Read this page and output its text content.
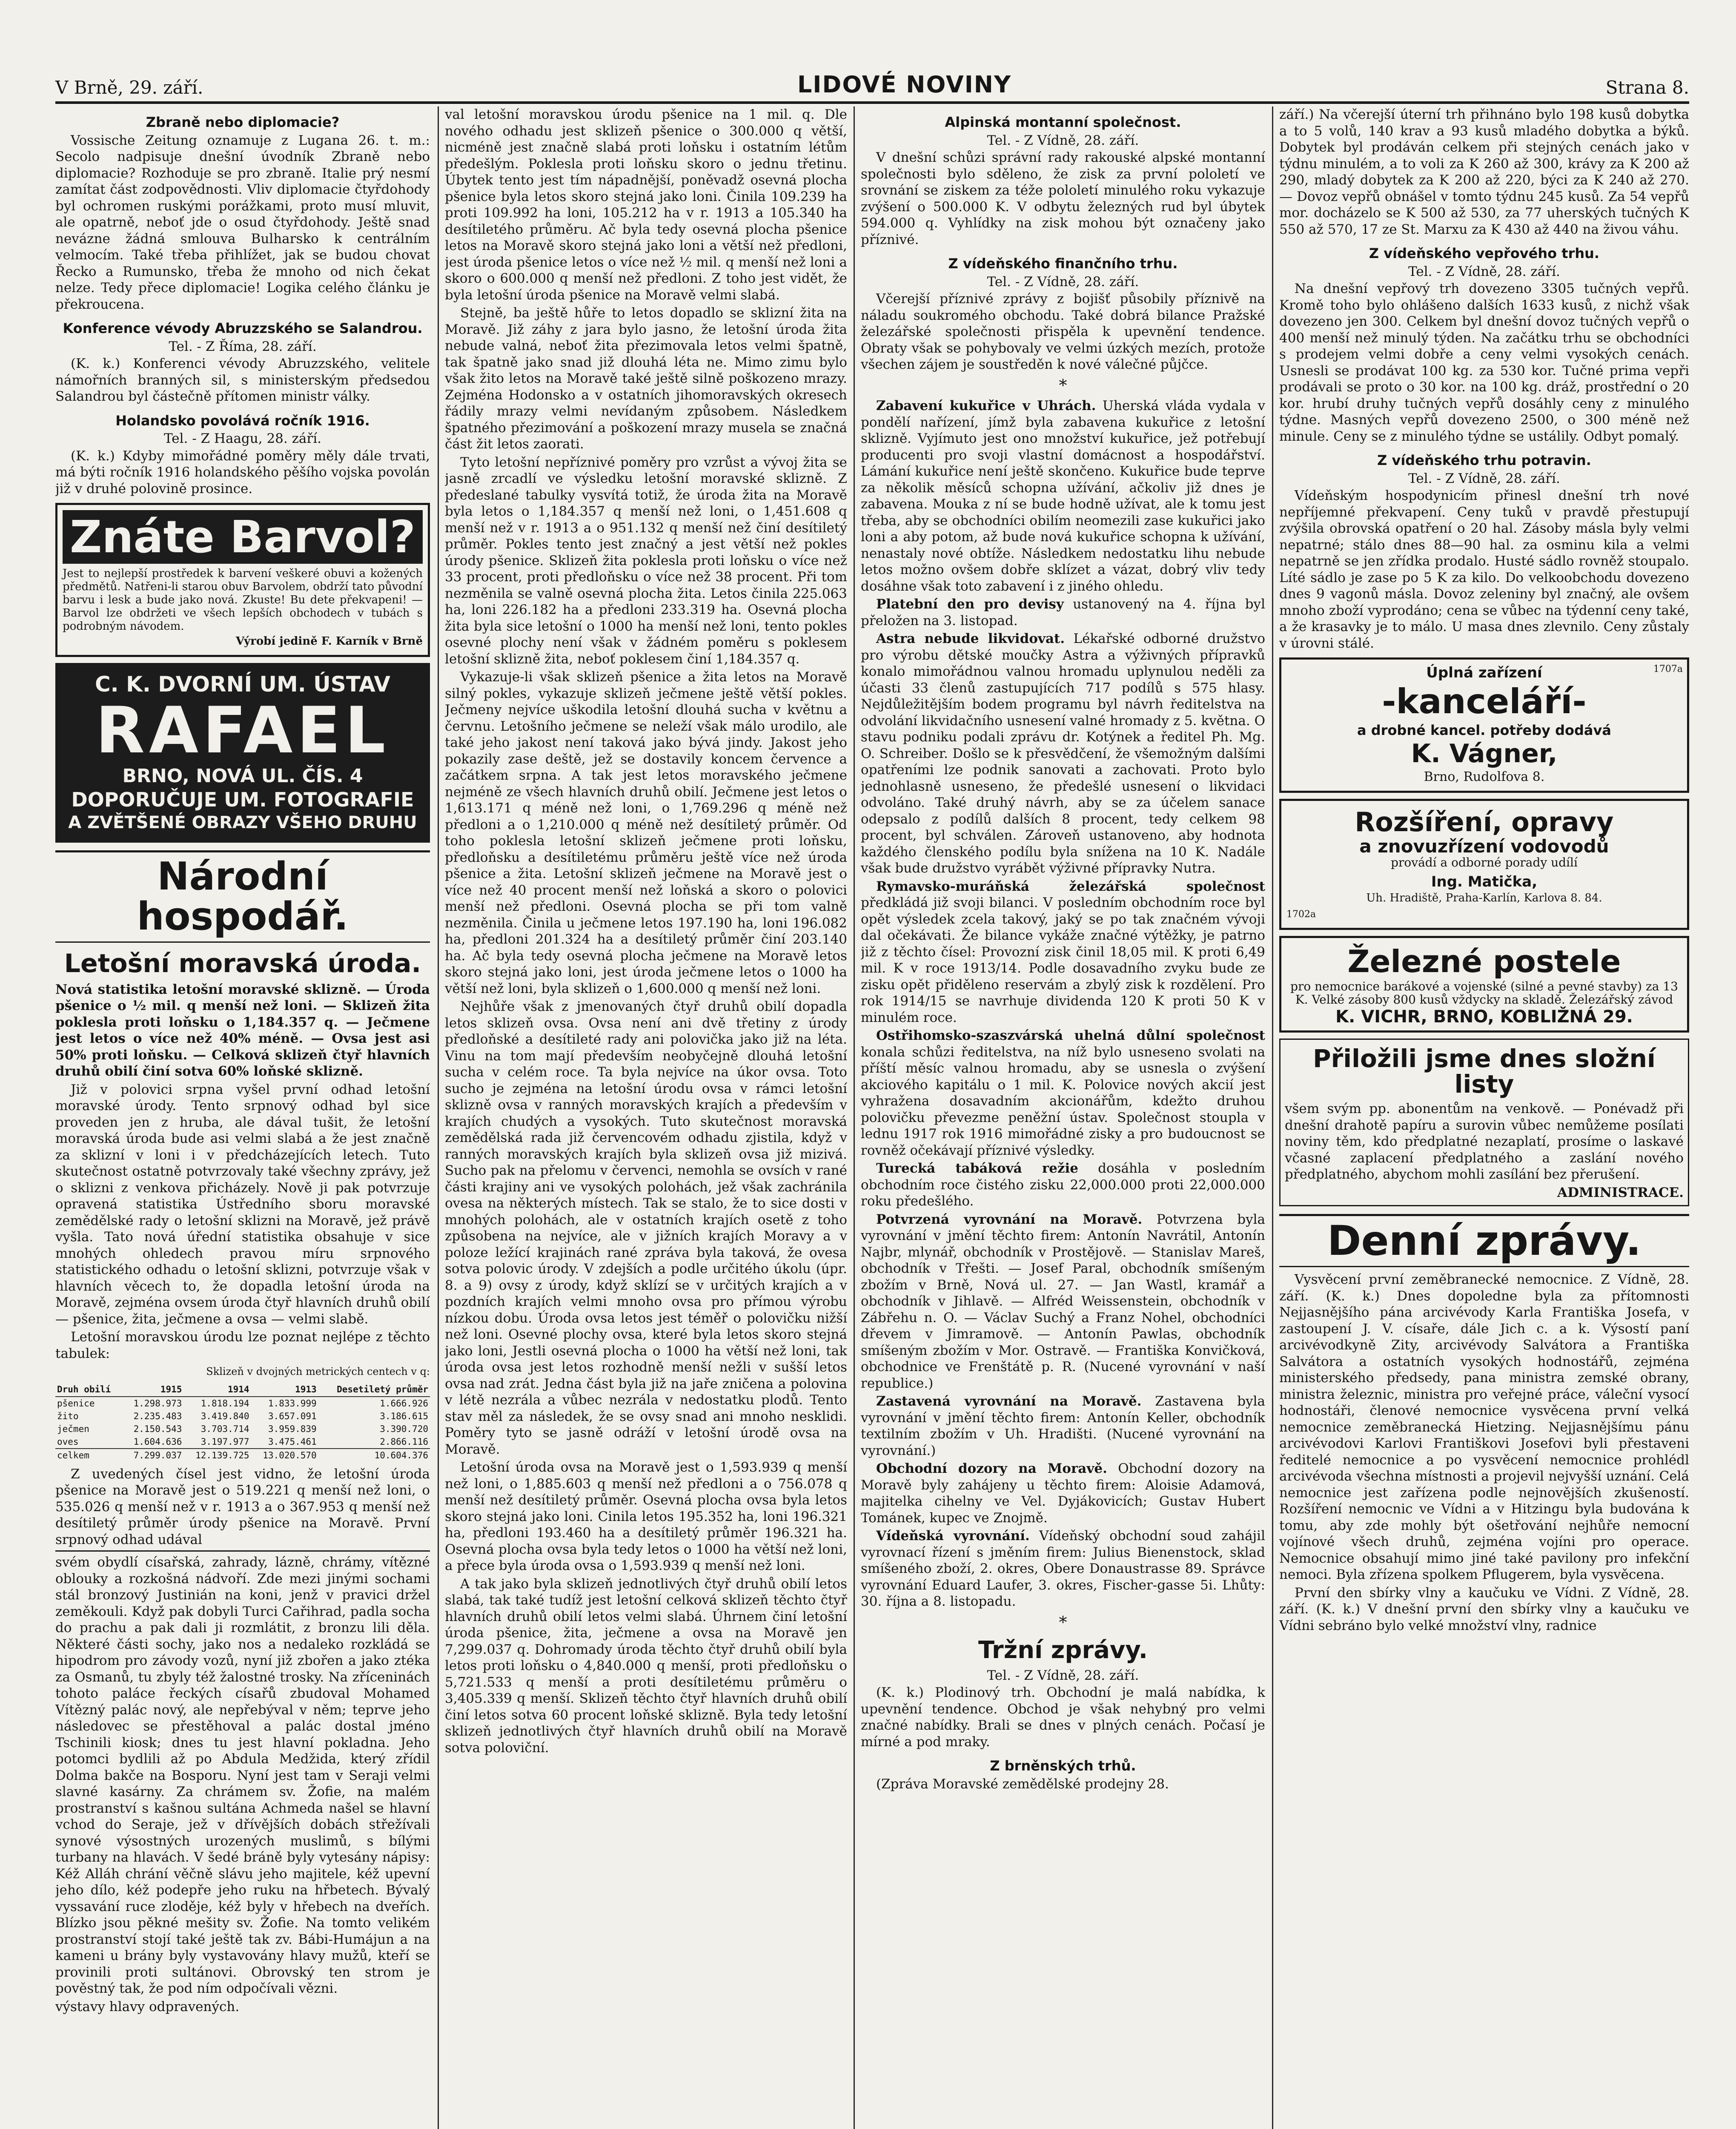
V Brně, 29. září.	LIDOVÉ NOVINY	Strana 8.
Zbraně nebo diplomacie?

Vossische Zeitung oznamuje z Lugana 26. t. m.: Secolo nadpisuje dnešní úvodník Zbraně nebo diplomacie? Rozhoduje se pro zbraně. Italie prý nesmí zamítat část zodpovědnosti. Vliv diplomacie čtyřdohody byl ochromen ruskými porážkami, proto musí mluvit, ale opatrně, neboť jde o osud čtyřdohody. Ještě snad nevázne žádná smlouva Bulharsko k centrálním velmocím. Také třeba přihlížet, jak se budou chovat Řecko a Rumunsko, třeba že mnoho od nich čekat nelze. Tedy přece diplomacie! Logika celého článku je překroucena.

Konference vévody Abruzzského se Salandrou.
Tel. - Z Říma, 28. září.

(K. k.) Konferenci vévody Abruzzského, velitele námořních branných sil, s ministerským předsedou Salandrou byl částečně přítomen ministr války.

Holandsko povolává ročník 1916.
Tel. - Z Haagu, 28. září.

(K. k.) Kdyby mimořádné poměry měly dále trvati, má býti ročník 1916 holandského pěšího vojska povolán již v druhé polovině prosince.

Znáte Barvol?
Jest to nejlepší prostředek k barvení veškeré obuvi a kožených předmětů. Natřeni-li starou obuv Barvolem, obdrží tato původní barvu i lesk a bude jako nová. Zkuste! Bu dete překvapeni! — Barvol lze obdržeti ve všech lepších obchodech v tubách s podrobným návodem.
Výrobí jedině F. Karník v Brně
C. K. DVORNÍ UM. ÚSTAV
RAFAEL
BRNO, NOVÁ UL. ČÍS. 4
DOPORUČUJE UM. FOTOGRAFIE
A ZVĚTŠENÉ OBRAZY VŠEHO DRUHU
Národní hospodář.
Letošní moravská úroda.

Nová statistika letošní moravské sklizně. — Úroda pšenice o ½ mil. q menší než loni. — Sklizeň žita poklesla proti loňsku o 1,184.357 q. — Ječmene jest letos o více než 40% méně. — Ovsa jest asi 50% proti loňsku. — Celková sklizeň čtyř hlavních druhů obilí činí sotva 60% loňské sklizně.

Již v polovici srpna vyšel první odhad letošní moravské úrody. Tento srpnový odhad byl sice proveden jen z hruba, ale dával tušit, že letošní moravská úroda bude asi velmi slabá a že jest značně za sklizní v loni i v předcházejících letech. Tuto skutečnost ostatně potvrzovaly také všechny zprávy, jež o sklizni z venkova přicházely. Nově ji pak potvrzuje opravená statistika Ústředního sboru moravské zemědělské rady o letošní sklizni na Moravě, jež právě vyšla. Tato nová úřední statistika obsahuje v sice mnohých ohledech pravou míru srpnového statistického odhadu o letošní sklizni, potvrzuje však v hlavních věcech to, že dopadla letošní úroda na Moravě, zejména ovsem úroda čtyř hlavních druhů obilí — pšenice, žita, ječmene a ovsa — velmi slabě.

Letošní moravskou úrodu lze poznat nejlépe z těchto tabulek:

Sklizeň v dvojných metrických centech v q:
Druh obilí	1915	1914	1913	Desetiletý průměr
pšenice	1.298.973	1.818.194	1.833.999	1.666.926
žito	2.235.483	3.419.840	3.657.091	3.186.615
ječmen	2.150.543	3.703.714	3.959.839	3.390.720
oves	1.604.636	3.197.977	3.475.461	2.866.116
celkem	7.299.037	12.139.725	13.020.570	10.604.376

Z uvedených čísel jest vidno, že letošní úroda pšenice na Moravě jest o 519.221 q menší než loni, o 535.026 q menší než v r. 1913 a o 367.953 q menší než desítiletý průměr úrody pšenice na Moravě. První srpnový odhad udával

svém obydlí císařská, zahrady, lázně, chrámy, vítězné oblouky a rozkošná nádvoří. Zde mezi jinými sochami stál bronzový Justinián na koni, jenž v pravici držel zeměkouli. Když pak dobyli Turci Cařihrad, padla socha do prachu a pak dali ji rozmlátit, z bronzu lili děla. Některé části sochy, jako nos a nedaleko rozkládá se hipodrom pro závody vozů, nyní již zbořen a jako ztéka za Osmanů, tu zbyly též žalostné trosky. Na zříceninách tohoto paláce řeckých císařů zbudoval Mohamed Vítězný palác nový, ale nepřebýval v něm; teprve jeho následovec se přestěhoval a palác dostal jméno Tschinili kiosk; dnes tu jest hlavní pokladna. Jeho potomci bydlili až po Abdula Medžida, který zřídil Dolma bakče na Bosporu. Nyní jest tam v Seraji velmi slavné kasárny. Za chrámem sv. Žofie, na malém prostranství s kašnou sultána Achmeda našel se hlavní vchod do Seraje, jež v dřívějších dobách střežívali synové výsostných urozených muslimů, s bílými turbany na hlavách. V šedé bráně byly vytesány nápisy: Kéž Alláh chrání věčně slávu jeho majitele, kéž upevní jeho dílo, kéž podepře jeho ruku na hřbetech. Bývalý vyssavání ruce zloděje, kéž byly v hřebech na dveřích. Blízko jsou pěkné mešity sv. Žofie. Na tomto velikém prostranství stojí také ještě tak zv. Bábi-Humájun a na kameni u brány byly vystavovány hlavy mužů, kteří se provinili proti sultánovi. Obrovský ten strom je pověstný tak, že pod ním odpočívali vězni.

výstavy hlavy odpravených.

val letošní moravskou úrodu pšenice na 1 mil. q. Dle nového odhadu jest sklizeň pšenice o 300.000 q větší, nicméně jest značně slabá proti loňsku i ostatním létům předešlým. Poklesla proti loňsku skoro o jednu třetinu. Úbytek tento jest tím nápadnější, poněvadž osevná plocha pšenice byla letos skoro stejná jako loni. Činila 109.239 ha proti 109.992 ha loni, 105.212 ha v r. 1913 a 105.340 ha desítiletého průměru. Ač byla tedy osevná plocha pšenice letos na Moravě skoro stejná jako loni a větší než předloni, jest úroda pšenice letos o více než ½ mil. q menší než loni a skoro o 600.000 q menší než předloni. Z toho jest vidět, že byla letošní úroda pšenice na Moravě velmi slabá.

Stejně, ba ještě hůře to letos dopadlo se sklizní žita na Moravě. Již záhy z jara bylo jasno, že letošní úroda žita nebude valná, neboť žita přezimovala letos velmi špatně, tak špatně jako snad již dlouhá léta ne. Mimo zimu bylo však žito letos na Moravě také ještě silně poškozeno mrazy. Zejména Hodonsko a v ostatních jihomoravských okresech řádily mrazy velmi nevídaným způsobem. Následkem špatného přezimování a poškození mrazy musela se značná část žit letos zaorati.

Tyto letošní nepříznivé poměry pro vzrůst a vývoj žita se jasně zrcadlí ve výsledku letošní moravské sklizně. Z předeslané tabulky vysvítá totiž, že úroda žita na Moravě byla letos o 1,184.357 q menší než loni, o 1,451.608 q menší než v r. 1913 a o 951.132 q menší než činí desítiletý průměr. Pokles tento jest značný a jest větší než pokles úrody pšenice. Sklizeň žita poklesla proti loňsku o více než 33 procent, proti předloňsku o více než 38 procent. Při tom nezměnila se valně osevná plocha žita. Letos činila 225.063 ha, loni 226.182 ha a předloni 233.319 ha. Osevná plocha žita byla sice letošní o 1000 ha menší než loni, tento pokles osevné plochy není však v žádném poměru s poklesem letošní sklizně žita, neboť poklesem činí 1,184.357 q.

Vykazuje-li však sklizeň pšenice a žita letos na Moravě silný pokles, vykazuje sklizeň ječmene ještě větší pokles. Ječmeny nejvíce uškodila letošní dlouhá sucha v květnu a červnu. Letošního ječmene se neleží však málo urodilo, ale také jeho jakost není taková jako bývá jindy. Jakost jeho pokazily zase deště, jež se dostavily koncem července a začátkem srpna. A tak jest letos moravského ječmene nejméně ze všech hlavních druhů obilí. Ječmene jest letos o 1,613.171 q méně než loni, o 1,769.296 q méně než předloni a o 1,210.000 q méně než desítiletý průměr. Od toho poklesla letošní sklizeň ječmene proti loňsku, předloňsku a desítiletému průměru ještě více než úroda pšenice a žita. Letošní sklizeň ječmene na Moravě jest o více než 40 procent menší než loňská a skoro o polovici menší než předloni. Osevná plocha se při tom valně nezměnila. Činila u ječmene letos 197.190 ha, loni 196.082 ha, předloni 201.324 ha a desítiletý průměr činí 203.140 ha. Ač byla tedy osevná plocha ječmene na Moravě letos skoro stejná jako loni, jest úroda ječmene letos o 1000 ha větší než loni, byla sklizeň o 1,600.000 q menší než loni.

Nejhůře však z jmenovaných čtyř druhů obilí dopadla letos sklizeň ovsa. Ovsa není ani dvě třetiny z úrody předloňské a desítileté rady ani polovička jako již na léta. Vinu na tom mají především neobyčejně dlouhá letošní sucha v celém roce. Ta byla nejvíce na úkor ovsa. Toto sucho je zejména na letošní úrodu ovsa v rámci letošní sklizně ovsa v ranných moravských krajích a především v krajích chudých a vysokých. Tuto skutečnost moravská zemědělská rada již červencovém odhadu zjistila, když v ranných moravských krajích byla sklizeň ovsa již mizivá. Sucho pak na přelomu v červenci, nemohla se ovsích v rané části krajiny ani ve vysokých polohách, jež však zachránila ovesa na některých místech. Tak se stalo, že to sice dosti v mnohých polohách, ale v ostatních krajích osetě z toho způsobena na nejvíce, ale v jižních krajích Moravy a v poloze ležící krajinách rané zpráva byla taková, že ovesa sotva polovic úrody. V zdejších a podle určitého úkolu (úpr. 8. a 9) ovsy z úrody, když sklízí se v určitých krajích a v pozdních krajích velmi mnoho ovsa pro přímou výrobu nízkou dobu. Úroda ovsa letos jest téměř o polovičku nižší než loni. Osevné plochy ovsa, které byla letos skoro stejná jako loni, Jestli osevná plocha o 1000 ha větší než loni, tak úroda ovsa jest letos rozhodně menší nežli v sušší letos ovsa nad zrát. Jedna část byla již na jaře zničena a polovina v létě nezrála a vůbec nezrála v nedostatku plodů. Tento stav měl za následek, že se ovsy snad ani mnoho nesklidi. Poměry tyto se jasně odráží v letošní úrodě ovsa na Moravě.

Letošní úroda ovsa na Moravě jest o 1,593.939 q menší než loni, o 1,885.603 q menší než předloni a o 756.078 q menší než desítiletý průměr. Osevná plocha ovsa byla letos skoro stejná jako loni. Cinila letos 195.352 ha, loni 196.321 ha, předloni 193.460 ha a desítiletý průměr 196.321 ha. Osevná plocha ovsa byla tedy letos o 1000 ha větší než loni, a přece byla úroda ovsa o 1,593.939 q menší než loni.

A tak jako byla sklizeň jednotlivých čtyř druhů obilí letos slabá, tak také tudíž jest letošní celková sklizeň těchto čtyř hlavních druhů obilí letos velmi slabá. Úhrnem činí letošní úroda pšenice, žita, ječmene a ovsa na Moravě jen 7,299.037 q. Dohromady úroda těchto čtyř druhů obilí byla letos proti loňsku o 4,840.000 q menší, proti předloňsku o 5,721.533 q menší a proti desítiletému průměru o 3,405.339 q menší. Sklizeň těchto čtyř hlavních druhů obilí činí letos sotva 60 procent loňské sklizně. Byla tedy letošní sklizeň jednotlivých čtyř hlavních druhů obilí na Moravě sotva poloviční.

Alpinská montanní společnost.
Tel. - Z Vídně, 28. září.

V dnešní schůzi správní rady rakouské alpské montanní společnosti bylo sděleno, že zisk za první pololetí ve srovnání se ziskem za téže pololetí minulého roku vykazuje zvýšení o 500.000 K. V odbytu železných rud byl úbytek 594.000 q. Vyhlídky na zisk mohou být označeny jako příznivé.

Z vídeňského finančního trhu.
Tel. - Z Vídně, 28. září.

Včerejší příznivé zprávy z bojišť působily příznivě na náladu soukromého obchodu. Také dobrá bilance Pražské železářské společnosti přispěla k upevnění tendence. Obraty však se pohybovaly ve velmi úzkých mezích, protože všechen zájem je soustředěn k nové válečné půjčce.

*

Zabavení kukuřice v Uhrách. Uherská vláda vydala v pondělí nařízení, jímž byla zabavena kukuřice z letošní sklizně. Vyjímuto jest ono množství kukuřice, jež potřebují producenti pro svoji vlastní domácnost a hospodářství. Lámání kukuřice není ještě skončeno. Kukuřice bude teprve za několik měsíců schopna užívání, ačkoliv již dnes je zabavena. Mouka z ní se bude hodně užívat, ale k tomu jest třeba, aby se obchodníci obilím neomezili zase kukuřici jako loni a aby potom, až bude nová kukuřice schopna k užívání, nenastaly nové obtíže. Následkem nedostatku lihu nebude letos možno ovšem dobře sklízet a vázat, dobrý vliv tedy dosáhne však toto zabavení i z jiného ohledu.

Platební den pro devisy ustanovený na 4. října byl přeložen na 3. listopad.

Astra nebude likvidovat. Lékařské odborné družstvo pro výrobu dětské moučky Astra a výživných přípravků konalo mimořádnou valnou hromadu uplynulou neděli za účasti 33 členů zastupujících 717 podílů s 575 hlasy. Nejdůležitějším bodem programu byl návrh ředitelstva na odvolání likvidačního usnesení valné hromady z 5. května. O stavu podniku podali zprávu dr. Kotýnek a ředitel Ph. Mg. O. Schreiber. Došlo se k přesvědčení, že všemožným dalšími opatřeními lze podnik sanovati a zachovati. Proto bylo jednohlasně usneseno, že předešlé usnesení o likvidaci odvoláno. Také druhý návrh, aby se za účelem sanace odepsalo z podílů dalších 8 procent, tedy celkem 98 procent, byl schválen. Zároveň ustanoveno, aby hodnota každého členského podílu byla snížena na 10 K. Nadále však bude družstvo vyrábět výživné přípravky Nutra.

Rymavsko-muráňská železářská společnost předkládá již svoji bilanci. V posledním obchodním roce byl opět výsledek zcela takový, jaký se po tak značném vývoji dal očekávati. Že bilance vykáže značné výtěžky, je patrno již z těchto čísel: Provozní zisk činil 18,05 mil. K proti 6,49 mil. K v roce 1913/14. Podle dosavadního zvyku bude ze zisku opět přiděleno reservám a zbylý zisk k rozdělení. Pro rok 1914/15 se navrhuje dividenda 120 K proti 50 K v minulém roce.

Ostřihomsko-szaszvárská uhelná důlní společnost konala schůzi ředitelstva, na níž bylo usneseno svolati na příští měsíc valnou hromadu, aby se usnesla o zvýšení akciového kapitálu o 1 mil. K. Polovice nových akcií jest vyhražena dosavadním akcionářům, kdežto druhou polovičku převezme peněžní ústav. Společnost stoupla v lednu 1917 rok 1916 mimořádné zisky a pro budoucnost se rovněž očekávají příznivé výsledky.

Turecká tabáková režie dosáhla v posledním obchodním roce čistého zisku 22,000.000 proti 22,000.000 roku předešlého.

Potvrzená vyrovnání na Moravě. Potvrzena byla vyrovnání v jmění těchto firem: Antonín Navrátil, Antonín Najbr, mlynář, obchodník v Prostějově. — Stanislav Mareš, obchodník v Třešti. — Josef Paral, obchodník smíšeným zbožím v Brně, Nová ul. 27. — Jan Wastl, kramář a obchodník v Jihlavě. — Alfréd Weissenstein, obchodník v Zábřehu n. O. — Václav Suchý a Franz Nohel, obchodníci dřevem v Jimramově. — Antonín Pawlas, obchodník smíšeným zbožím v Mor. Ostravě. — Františka Konvičková, obchodnice ve Frenštátě p. R. (Nucené vyrovnání v naší republice.)

Zastavená vyrovnání na Moravě. Zastavena byla vyrovnání v jmění těchto firem: Antonín Keller, obchodník textilním zbožím v Uh. Hradišti. (Nucené vyrovnání na vyrovnání.)

Obchodní dozory na Moravě. Obchodní dozory na Moravě byly zahájeny u těchto firem: Aloisie Adamová, majitelka cihelny ve Vel. Dyjákovicích; Gustav Hubert Tománek, kupec ve Znojmě.

Vídeňská vyrovnání. Vídeňský obchodní soud zahájil vyrovnací řízení s jměním firem: Julius Bienenstock, sklad smíšeného zboží, 2. okres, Obere Donaustrasse 89. Správce vyrovnání Eduard Laufer, 3. okres, Fischer-gasse 5i. Lhůty: 30. října a 8. listopadu.

*
Tržní zprávy.
Tel. - Z Vídně, 28. září.

(K. k.) Plodinový trh. Obchodní je malá nabídka, k upevnění tendence. Obchod je však nehybný pro velmi značné nabídky. Brali se dnes v plných cenách. Počasí je mírné a pod mraky.

Z brněnských trhů.

(Zpráva Moravské zemědělské prodejny 28.

září.) Na včerejší úterní trh přihnáno bylo 198 kusů dobytka a to 5 volů, 140 krav a 93 kusů mladého dobytka a býků. Dobytek byl prodáván celkem při stejných cenách jako v týdnu minulém, a to voli za K 260 až 300, krávy za K 200 až 290, mladý dobytek za K 200 až 220, býci za K 240 až 270. — Dovoz vepřů obnášel v tomto týdnu 245 kusů. Za 54 vepřů mor. docházelo se K 500 až 530, za 77 uherských tučných K 550 až 570, 17 ze St. Marxu za K 430 až 440 na živou váhu.

Z vídeňského vepřového trhu.
Tel. - Z Vídně, 28. září.

Na dnešní vepřový trh dovezeno 3305 tučných vepřů. Kromě toho bylo ohlášeno dalších 1633 kusů, z nichž však dovezeno jen 300. Celkem byl dnešní dovoz tučných vepřů o 400 menší než minulý týden. Na začátku trhu se obchodníci s prodejem velmi dobře a ceny velmi vysokých cenách. Usnesli se prodávat 100 kg. za 530 kor. Tučné prima vepři prodávali se proto o 30 kor. na 100 kg. dráž, prostřední o 20 kor. hrubí druhy tučných vepřů dosáhly ceny z minulého týdne. Masných vepřů dovezeno 2500, o 300 méně než minule. Ceny se z minulého týdne se ustálily. Odbyt pomalý.

Z vídeňského trhu potravin.
Tel. - Z Vídně, 28. září.

Vídeňským hospodynicím přinesl dnešní trh nové nepříjemné překvapení. Ceny tuků v pravdě přestupují zvýšila obrovská opatření o 20 hal. Zásoby másla byly velmi nepatrné; stálo dnes 88—90 hal. za osminu kila a velmi nepatrně se jen zřídka prodalo. Husté sádlo rovněž stoupalo. Líté sádlo je zase po 5 K za kilo. Do velkoobchodu dovezeno dnes 9 vagonů másla. Dovoz zeleniny byl značný, ale ovšem mnoho zboží vyprodáno; cena se vůbec na týdenní ceny také, a že krasavky je to málo. U masa dnes zlevnilo. Ceny zůstaly v úrovni stálé.

1707a
Úplná zařízení
-kanceláří-
a drobné kancel. potřeby dodává
K. Vágner,
Brno, Rudolfova 8.
Rozšíření, opravy
a znovuzřízení vodovodů
provádí a odborné porady udílí
Ing. Matička,
Uh. Hradiště, Praha-Karlín, Karlova 8. 84.
1702a
Železné postele
pro nemocnice barákové a vojenské (silné a pevné stavby) za 13 K. Velké zásoby 800 kusů vždycky na skladě. Železářský závod
K. VICHR, BRNO, KOBLIŽNÁ 29.
Přiložili jsme dnes složní listy

všem svým pp. abonentům na venkově. — Ponévadž při dnešní drahotě papíru a surovin vůbec nemůžeme posílati noviny těm, kdo předplatné nezaplatí, prosíme o laskavé včasné zaplacení předplatného a zaslání nového předplatného, abychom mohli zasílání bez přerušení.

ADMINISTRACE.
Denní zprávy.

Vysvěcení první zeměbranecké nemocnice. Z Vídně, 28. září. (K. k.) Dnes dopoledne byla za přítomnosti Nejjasnějšího pána arcivévody Karla Františka Josefa, v zastoupení J. V. císaře, dále Jich c. a k. Výsostí paní arcivévodkyně Zity, arcivévody Salvátora a Františka Salvátora a ostatních vysokých hodnostářů, zejména ministerského předsedy, pana ministra zemské obrany, ministra železnic, ministra pro veřejné práce, váleční vysocí hodnostáři, členové nemocnice vysvěcena první velká nemocnice zeměbranecká Hietzing. Nejjasnějšímu pánu arcivévodovi Karlovi Františkovi Josefovi byli přestaveni ředitelé nemocnice a po vysvěcení nemocnice prohlédl arcivévoda všechna místnosti a projevil nejvyšší uznání. Celá nemocnice jest zařízena podle nejnovějších zkušeností. Rozšíření nemocnic ve Vídni a v Hitzingu byla budována k tomu, aby zde mohly být ošetřování nejhůře nemocní vojínové všech druhů, zejména vojíni pro operace. Nemocnice obsahují mimo jiné také pavilony pro infekční nemoci. Byla zřízena spolkem Pflugerem, byla vysvěcena.

První den sbírky vlny a kaučuku ve Vídni. Z Vídně, 28. září. (K. k.) V dnešní první den sbírky vlny a kaučuku ve Vídni sebráno bylo velké množství vlny, radnice
